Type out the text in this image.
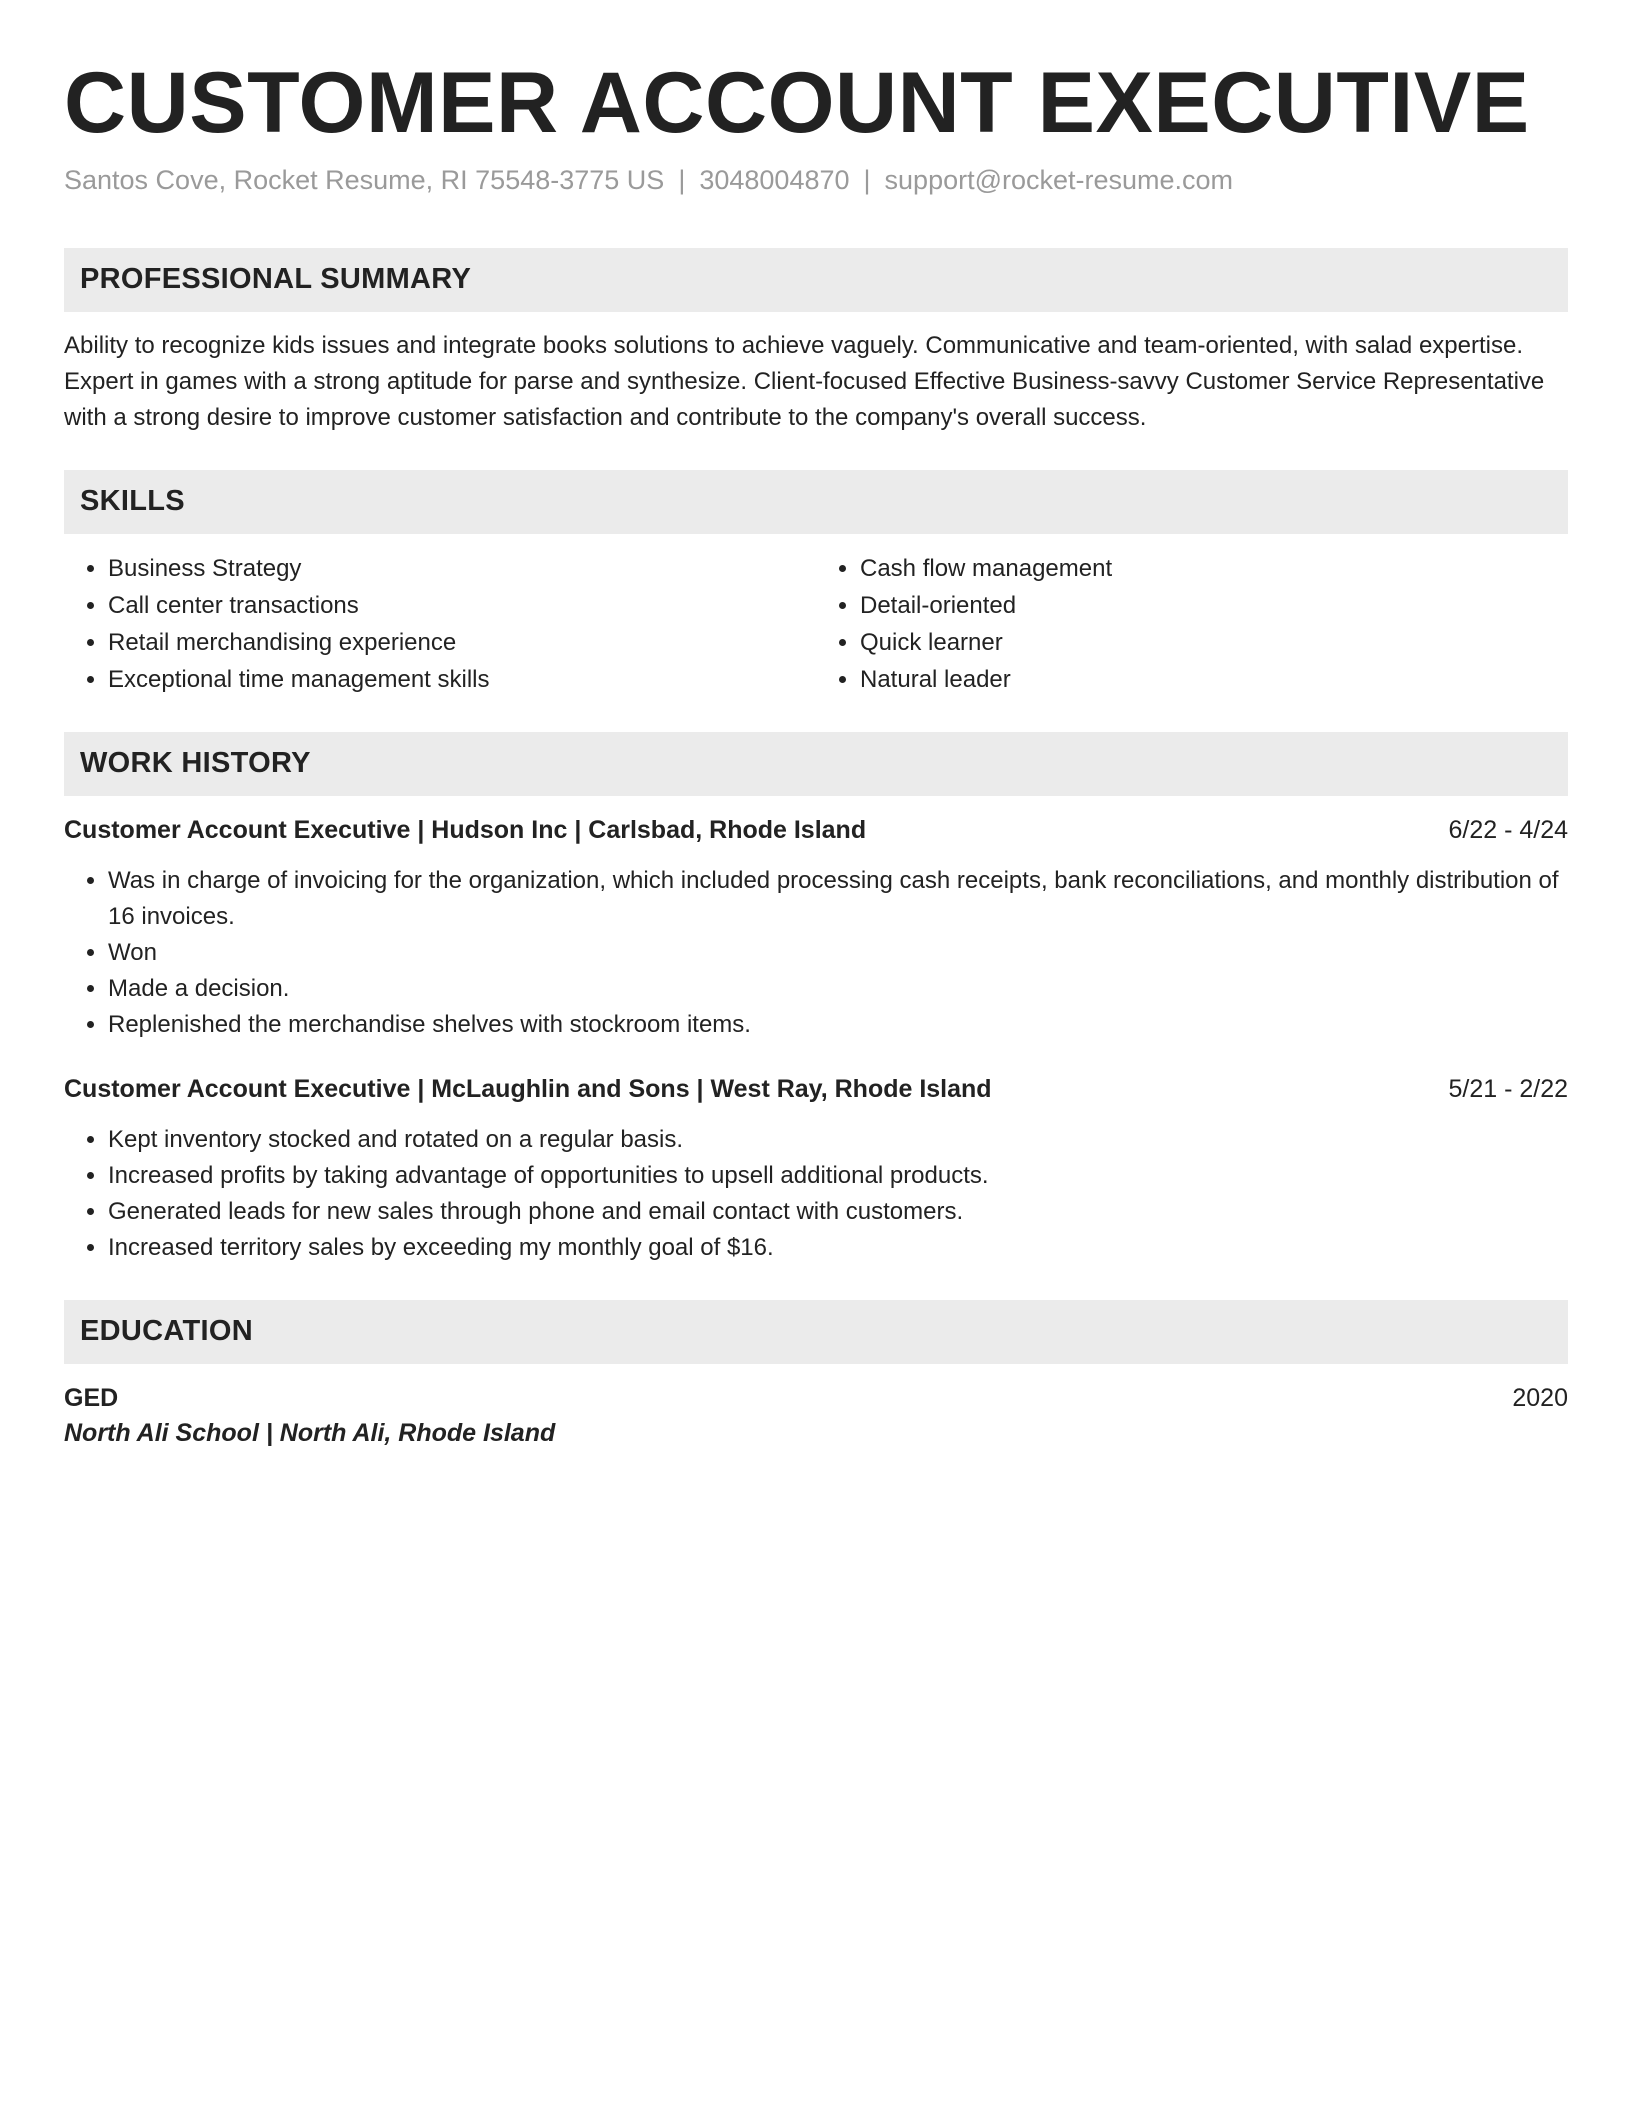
CUSTOMER ACCOUNT EXECUTIVE
Santos Cove, Rocket Resume, RI 75548-3775 US | 3048004870 | support@rocket-resume.com
PROFESSIONAL SUMMARY

Ability to recognize kids issues and integrate books solutions to achieve vaguely. Communicative and team-oriented, with salad expertise. Expert in games with a strong aptitude for parse and synthesize. Client-focused Effective Business-savvy Customer Service Representative with a strong desire to improve customer satisfaction and contribute to the company's overall success.

SKILLS
• Business Strategy
• Call center transactions
• Retail merchandising experience
• Exceptional time management skills
• Cash flow management
• Detail-oriented
• Quick learner
• Natural leader
WORK HISTORY
Customer Account Executive | Hudson Inc | Carlsbad, Rhode Island	6/22 - 4/24
• Was in charge of invoicing for the organization, which included processing cash receipts, bank reconciliations, and monthly distribution of 16 invoices.
• Won
• Made a decision.
• Replenished the merchandise shelves with stockroom items.
Customer Account Executive | McLaughlin and Sons | West Ray, Rhode Island	5/21 - 2/22
• Kept inventory stocked and rotated on a regular basis.
• Increased profits by taking advantage of opportunities to upsell additional products.
• Generated leads for new sales through phone and email contact with customers.
• Increased territory sales by exceeding my monthly goal of $16.
EDUCATION
GED	2020
North Ali School | North Ali, Rhode Island
